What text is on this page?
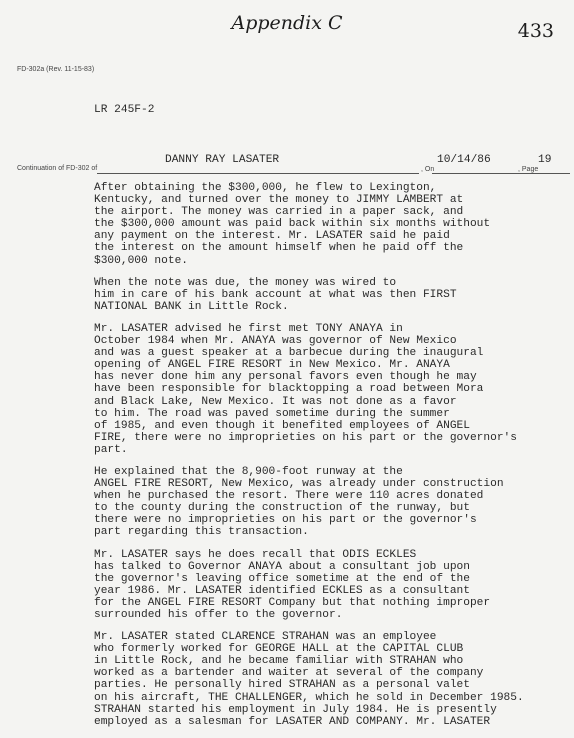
Appendix C	433
FD-302a (Rev. 11-15-83)
LR 245F-2
Continuation of FD-302 of
DANNY RAY LASATER
, On
10/14/86
, Page
19

After obtaining the $300,000, he flew to Lexington,
Kentucky, and turned over the money to JIMMY LAMBERT at
the airport. The money was carried in a paper sack, and
the $300,000 amount was paid back within six months without
any payment on the interest. Mr. LASATER said he paid
the interest on the amount himself when he paid off the
$300,000 note.

When the note was due, the money was wired to
him in care of his bank account at what was then FIRST
NATIONAL BANK in Little Rock.

Mr. LASATER advised he first met TONY ANAYA in
October 1984 when Mr. ANAYA was governor of New Mexico
and was a guest speaker at a barbecue during the inaugural
opening of ANGEL FIRE RESORT in New Mexico. Mr. ANAYA
has never done him any personal favors even though he may
have been responsible for blacktopping a road between Mora
and Black Lake, New Mexico. It was not done as a favor
to him. The road was paved sometime during the summer
of 1985, and even though it benefited employees of ANGEL
FIRE, there were no improprieties on his part or the governor's
part.

He explained that the 8,900-foot runway at the
ANGEL FIRE RESORT, New Mexico, was already under construction
when he purchased the resort. There were 110 acres donated
to the county during the construction of the runway, but
there were no improprieties on his part or the governor's
part regarding this transaction.

Mr. LASATER says he does recall that ODIS ECKLES
has talked to Governor ANAYA about a consultant job upon
the governor's leaving office sometime at the end of the
year 1986. Mr. LASATER identified ECKLES as a consultant
for the ANGEL FIRE RESORT Company but that nothing improper
surrounded his offer to the governor.

Mr. LASATER stated CLARENCE STRAHAN was an employee
who formerly worked for GEORGE HALL at the CAPITAL CLUB
in Little Rock, and he became familiar with STRAHAN who
worked as a bartender and waiter at several of the company
parties. He personally hired STRAHAN as a personal valet
on his aircraft, THE CHALLENGER, which he sold in December 1985.
STRAHAN started his employment in July 1984. He is presently
employed as a salesman for LASATER AND COMPANY. Mr. LASATER
